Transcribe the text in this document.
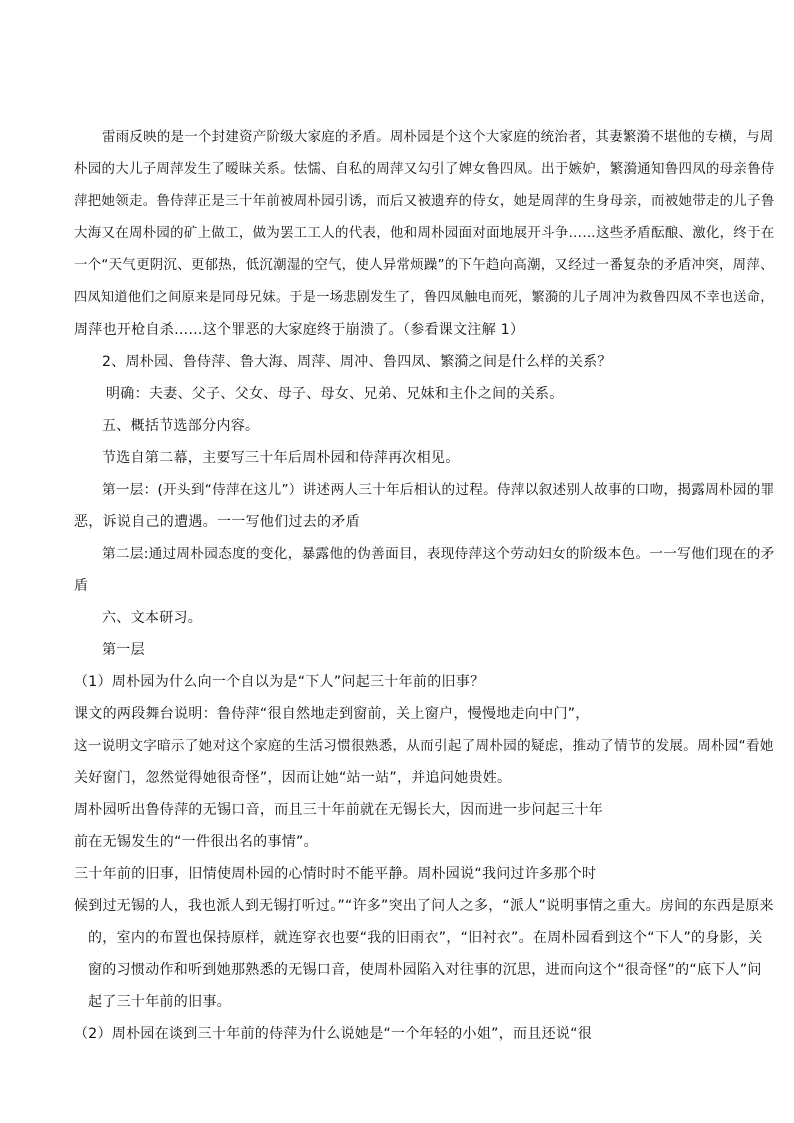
雷雨反映的是一个封建资产阶级大家庭的矛盾。周朴园是个这个大家庭的统治者，其妻繁漪不堪他的专横，与周
朴园的大儿子周萍发生了暧昧关系。怯懦、自私的周萍又勾引了婢女鲁四凤。出于嫉妒，繁漪通知鲁四凤的母亲鲁侍
萍把她领走。鲁侍萍正是三十年前被周朴园引诱，而后又被遗弃的侍女，她是周萍的生身母亲，而被她带走的儿子鲁
大海又在周朴园的矿上做工，做为罢工工人的代表，他和周朴园面对面地展开斗争……这些矛盾酝酿、激化，终于在
一个“天气更阴沉、更郁热，低沉潮湿的空气，使人异常烦躁”的下午趋向高潮，又经过一番复杂的矛盾冲突，周萍、
四凤知道他们之间原来是同母兄妹。于是一场悲剧发生了，鲁四凤触电而死，繁漪的儿子周冲为救鲁四凤不幸也送命，
周萍也开枪自杀……这个罪恶的大家庭终于崩溃了。（参看课文注解 1）
2、周朴园、鲁侍萍、鲁大海、周萍、周冲、鲁四凤、繁漪之间是什么样的关系？
明确：夫妻、父子、父女、母子、母女、兄弟、兄妹和主仆之间的关系。
五、概括节选部分内容。
节选自第二幕，主要写三十年后周朴园和侍萍再次相见。
第一层：(开头到“侍萍在这儿”）讲述两人三十年后相认的过程。侍萍以叙述别人故事的口吻，揭露周朴园的罪
恶，诉说自己的遭遇。一一写他们过去的矛盾
第二层:通过周朴园态度的变化，暴露他的伪善面目，表现侍萍这个劳动妇女的阶级本色。一一写他们现在的矛
盾
六、文本研习。
第一层
（1）周朴园为什么向一个自以为是“下人”问起三十年前的旧事？
课文的两段舞台说明：鲁侍萍“很自然地走到窗前，关上窗户，慢慢地走向中门”，
这一说明文字暗示了她对这个家庭的生活习惯很熟悉，从而引起了周朴园的疑虑，推动了情节的发展。周朴园“看她
关好窗门，忽然觉得她很奇怪”，因而让她“站一站”，并追问她贵姓。
周朴园听出鲁侍萍的无锡口音，而且三十年前就在无锡长大，因而进一步问起三十年
前在无锡发生的“一件很出名的事情”。
三十年前的旧事，旧情使周朴园的心情时时不能平静。周朴园说“我问过许多那个时
候到过无锡的人，我也派人到无锡打听过。”“许多”突出了问人之多，“派人”说明事情之重大。房间的东西是原来
的，室内的布置也保持原样，就连穿衣也要“我的旧雨衣”，“旧衬衣”。在周朴园看到这个“下人”的身影，关
窗的习惯动作和听到她那熟悉的无锡口音，使周朴园陷入对往事的沉思，进而向这个“很奇怪”的“底下人”问
起了三十年前的旧事。
（2）周朴园在谈到三十年前的侍萍为什么说她是“一个年轻的小姐”，而且还说“很
